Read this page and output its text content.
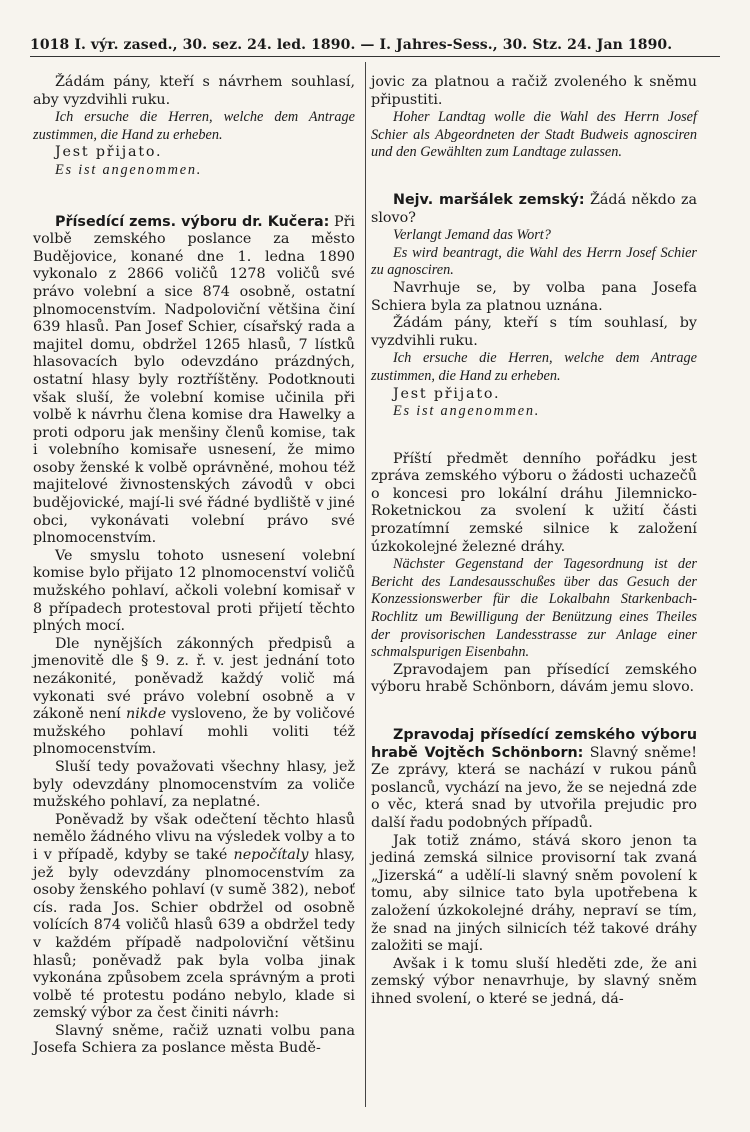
1018 I. výr. zased., 30. sez. 24. led. 1890. — I. Jahres-Sess., 30. Stz. 24. Jan 1890.

Žádám pány, kteří s návrhem souhlasí, aby vyzdvihli ruku.

Ich ersuche die Herren, welche dem Antrage zustimmen, die Hand zu erheben.

Jest přijato.

Es ist angenommen.

Přísedící zems. výboru dr. Kučera: Při volbě zemského poslance za město Budějovice, konané dne 1. ledna 1890 vykonalo z 2866 voličů 1278 voličů své právo volební a sice 874 osobně, ostatní plnomocenstvím. Nadpoloviční většina činí 639 hlasů. Pan Josef Schier, císařský rada a majitel domu, obdržel 1265 hlasů, 7 lístků hlasovacích bylo odevzdáno prázdných, ostatní hlasy byly roztříštěny. Podotknouti však sluší, že volební komise učinila při volbě k návrhu člena komise dra Hawelky a proti odporu jak menšiny členů komise, tak i volebního komisaře usnesení, že mimo osoby ženské k volbě oprávněné, mohou též majitelové živnostenských závodů v obci budějovické, mají-li své řádné bydliště v jiné obci, vykonávati volební právo své plnomocenstvím.

Ve smyslu tohoto usnesení volební komise bylo přijato 12 plnomocenství voličů mužského pohlaví, ačkoli volební komisař v 8 případech protestoval proti přijetí těchto plných mocí.

Dle nynějších zákonných předpisů a jmenovitě dle § 9. z. ř. v. jest jednání toto nezákonité, poněvadž každý volič má vykonati své právo volební osobně a v zákoně není nikde vysloveno, že by voličové mužského pohlaví mohli voliti též plnomocenstvím.

Sluší tedy považovati všechny hlasy, jež byly odevzdány plnomocenstvím za voliče mužského pohlaví, za neplatné.

Poněvadž by však odečtení těchto hlasů nemělo žádného vlivu na výsledek volby a to i v případě, kdyby se také nepočítaly hlasy, jež byly odevzdány plnomocenstvím za osoby ženského pohlaví (v sumě 382), neboť cís. rada Jos. Schier obdržel od osobně volících 874 voličů hlasů 639 a obdržel tedy v každém případě nadpoloviční většinu hlasů; poněvadž pak byla volba jinak vykonána způsobem zcela správným a proti volbě té protestu podáno nebylo, klade si zemský výbor za čest činiti návrh:

Slavný sněme, račiž uznati volbu pana Josefa Schiera za poslance města Budě-

jovic za platnou a račiž zvoleného k sněmu připustiti.

Hoher Landtag wolle die Wahl des Herrn Josef Schier als Abgeordneten der Stadt Budweis agnosciren und den Gewählten zum Landtage zulassen.

Nejv. maršálek zemský: Žádá někdo za slovo?

Verlangt Jemand das Wort?

Es wird beantragt, die Wahl des Herrn Josef Schier zu agnosciren.

Navrhuje se, by volba pana Josefa Schiera byla za platnou uznána.

Žádám pány, kteří s tím souhlasí, by vyzdvihli ruku.

Ich ersuche die Herren, welche dem Antrage zustimmen, die Hand zu erheben.

Jest přijato.

Es ist angenommen.

Příští předmět denního pořádku jest zpráva zemského výboru o žádosti uchazečů o koncesi pro lokální dráhu Jilemnicko-Roketnickou za svolení k užití části prozatímní zemské silnice k založení úzkokolejné železné dráhy.

Nächster Gegenstand der Tagesordnung ist der Bericht des Landesausschußes über das Gesuch der Konzessionswerber für die Lokalbahn Starkenbach-Rochlitz um Bewilligung der Benützung eines Theiles der provisorischen Landesstrasse zur Anlage einer schmalspurigen Eisenbahn.

Zpravodajem pan přísedící zemského výboru hrabě Schönborn, dávám jemu slovo.

Zpravodaj přísedící zemského výboru hrabě Vojtěch Schönborn: Slavný sněme! Ze zprávy, která se nachází v rukou pánů poslanců, vychází na jevo, že se nejedná zde o věc, která snad by utvořila prejudic pro další řadu podobných případů.

Jak totiž známo, stává skoro jenon ta jediná zemská silnice provisorní tak zvaná „Jizerská“ a udělí-li slavný sněm povolení k tomu, aby silnice tato byla upotřebena k založení úzkokolejné dráhy, nepraví se tím, že snad na jiných silnicích též takové dráhy založiti se mají.

Avšak i k tomu sluší hleděti zde, že ani zemský výbor nenavrhuje, by slavný sněm ihned svolení, o které se jedná, dá-
